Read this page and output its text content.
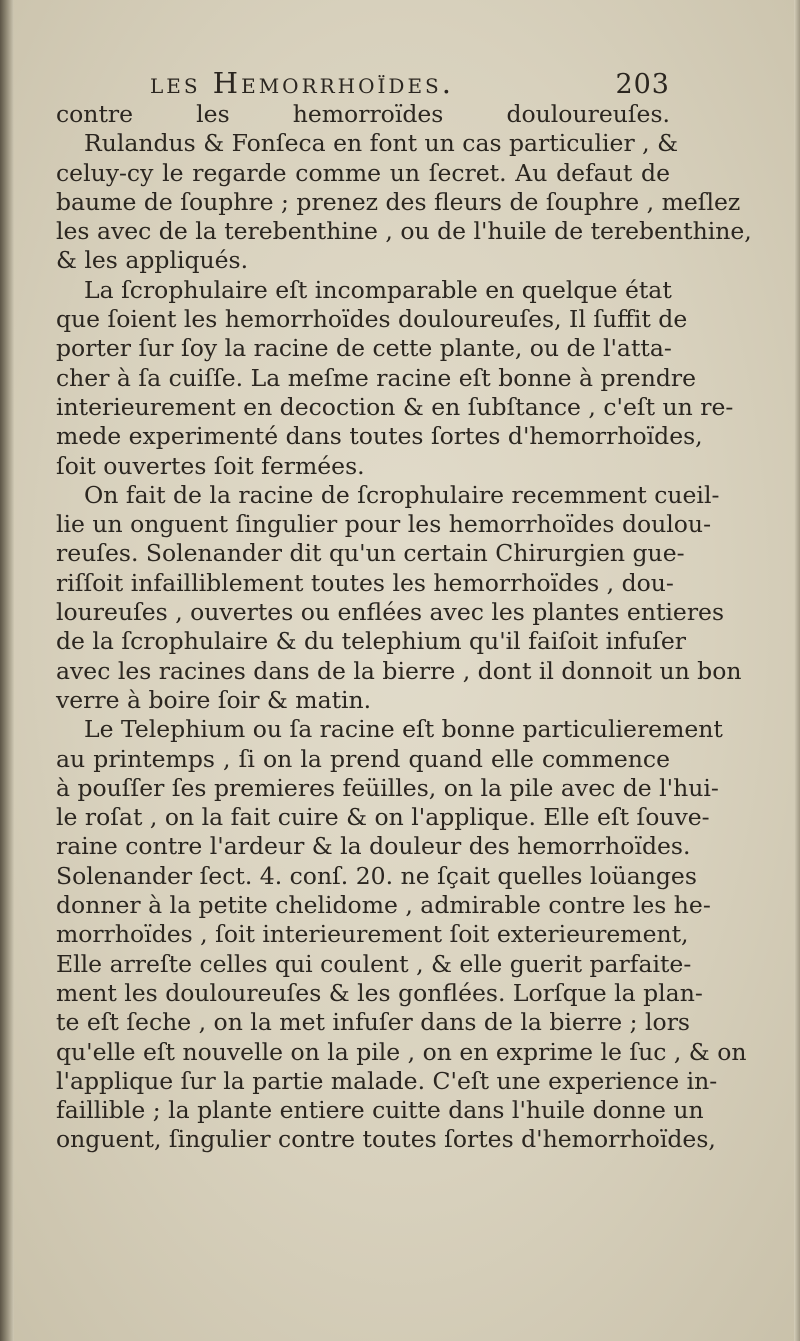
les Hemorrhoïdes.	203
contre les hemorroïdes douloureuſes.
Rulandus & Fonſeca en font un cas particulier , &
celuy-cy le regarde comme un ſecret. Au defaut de
baume de ſouphre ; prenez des fleurs de ſouphre , meſlez
les avec de la terebenthine , ou de l'huile de terebenthine,
& les appliqués.
La ſcrophulaire eſt incomparable en quelque état
que ſoient les hemorrhoïdes douloureuſes, Il ſuffit de
porter ſur ſoy la racine de cette plante, ou de l'atta-
cher à ſa cuiſſe. La meſme racine eſt bonne à prendre
interieurement en decoction & en ſubſtance , c'eſt un re-
mede experimenté dans toutes ſortes d'hemorrhoïdes,
ſoit ouvertes ſoit fermées.
On fait de la racine de ſcrophulaire recemment cueil-
lie un onguent ſingulier pour les hemorrhoïdes doulou-
reuſes. Solenander dit qu'un certain Chirurgien gue-
riſſoit infailliblement toutes les hemorrhoïdes , dou-
loureuſes , ouvertes ou enflées avec les plantes entieres
de la ſcrophulaire & du telephium qu'il faiſoit infuſer
avec les racines dans de la bierre , dont il donnoit un bon
verre à boire ſoir & matin.
Le Telephium ou ſa racine eſt bonne particulierement
au printemps , ſi on la prend quand elle commence
à pouſſer ſes premieres feüilles, on la pile avec de l'hui-
le roſat , on la fait cuire & on l'applique. Elle eſt ſouve-
raine contre l'ardeur & la douleur des hemorrhoïdes.
Solenander ſect. 4. conſ. 20. ne ſçait quelles loüanges
donner à la petite chelidome , admirable contre les he-
morrhoïdes , ſoit interieurement ſoit exterieurement,
Elle arreſte celles qui coulent , & elle guerit parfaite-
ment les douloureuſes & les gonflées. Lorſque la plan-
te eſt ſeche , on la met infuſer dans de la bierre ; lors
qu'elle eſt nouvelle on la pile , on en exprime le ſuc , & on
l'applique ſur la partie malade. C'eſt une experience in-
faillible ; la plante entiere cuitte dans l'huile donne un
onguent, ſingulier contre toutes ſortes d'hemorrhoïdes,
